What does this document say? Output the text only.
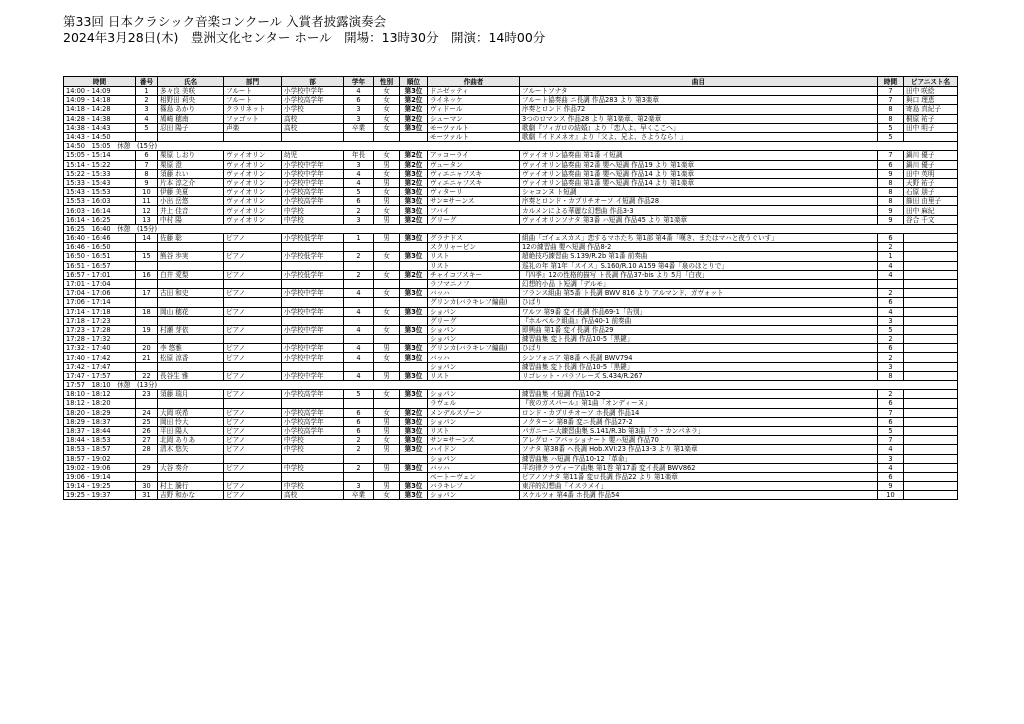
第33回 日本クラシック音楽コンクール 入賞者披露演奏会
2024年3月28日(木)　豊洲文化センター ホール　開場：13時30分　開演：14時00分
時間	番号	氏名	部門	部	学年	性別	順位	作曲者	曲目	時間	ピアニスト名
14:00 - 14:09	1	多々良 美咲	フルート	小学校中学年	4	女	第3位	ドニゼッティ	フルートソナタ	7	田中 咲絵
14:09 - 14:18	2	相野田 莉央	フルート	小学校高学年	6	女	第2位	ライネッケ	フルート協奏曲 ニ長調 作品283 より 第3楽章	7	與口 理恵
14:18 - 14:28	3	篠島 あかり	クラリネット	小学校	3	女	第2位	ヴィドール	序奏とロンド 作品72	8	寄島 真紀子
14:28 - 14:38	4	鳩崎 穂南	ファゴット	高校	3	女	第2位	シューマン	3つのロマンス 作品28 より 第1楽章、第2楽章	8	桐原 祐子
14:38 - 14:43	5	忍田 陽子	声楽	高校	卒業	女	第3位	モーツァルト	歌劇『フィガロの結婚』より「恋人よ、早くここへ」	5	田中 明子
14:43 - 14:50								モーツァルト	歌劇『イドメネオ』より「父よ、兄よ、さようなら！」	5	
14:50　15:05　休憩　(15分)											
15:05 - 15:14	6	栗原 しおり	ヴァイオリン	幼児	年長	女	第2位	アッコーライ	ヴァイオリン協奏曲 第1番 イ短調	7	鍋川 優子
15:14 - 15:22	7	栗原 澄	ヴァイオリン	小学校中学年	3	男	第2位	ヴュータン	ヴァイオリン協奏曲 第2番 嬰ヘ短調 作品19 より 第1楽章	6	鍋川 優子
15:22 - 15:33	8	須藤 れい	ヴァイオリン	小学校中学年	4	女	第3位	ヴィエニャフスキ	ヴァイオリン協奏曲 第1番 嬰ヘ短調 作品14 より 第1楽章	9	田中 英明
15:33 - 15:43	9	片本 淳之介	ヴァイオリン	小学校中学年	4	男	第2位	ヴィエニャフスキ	ヴァイオリン協奏曲 第1番 嬰ヘ短調 作品14 より 第1楽章	8	天野 祐子
15:43 - 15:53	10	伊藤 美夏	ヴァイオリン	小学校高学年	5	女	第3位	ヴィターリ	シャコンヌ ト短調	8	石原 朋子
15:53 - 16:03	11	小出 岳悠	ヴァイオリン	小学校高学年	6	男	第3位	サン=サーンス	序奏とロンド・カプリチオーソ イ短調 作品28	8	篩田 由里子
16:03 - 16:14	12	井上 佳音	ヴァイオリン	中学校	2	女	第3位	フバイ	カルメンによる華麗な幻想曲 作品3-3	9	田中 麻紀
16:14 - 16:25	13	中村 陽	ヴァイオリン	中学校	3	男	第2位	グリーグ	ヴァイオリンソナタ 第3番 ハ短調 作品45 より 第1楽章	9	谷合 千文
16:25　16:40　休憩　(15分)											
16:40 - 16:46	14	佐藤 聡	ピアノ	小学校低学年	1	男	第3位	グラナドス	組曲「ゴイェスカス」恋するマホたち 第1部 第4番「嘆き、またはマハと夜うぐいす」	6	
16:46 - 16:50								スクリャービン	12の練習曲 嬰ヘ短調 作品8-2	2	
16:50 - 16:51	15	熊谷 歩実	ピアノ	小学校低学年	2	女	第3位	リスト	超絶技巧練習曲 S.139/R.2b 第1番 前奏曲	1	
16:51 - 16:57								リスト	巡礼の年 第1年「スイス」S.160/R.10 A159 第4番「泉のほとりで」	4	
16:57 - 17:01	16	白井 愛梨	ピアノ	小学校低学年	2	女	第2位	チャイコフスキー	『四季』12の性格的描写 ト長調 作品37-bis より 5月「白夜」	4	
17:01 - 17:04								ラフマニノフ	幻想的小品 ト短調「デルモ」		
17:04 - 17:06	17	古田 和史	ピアノ	小学校中学年	4	女	第3位	バッハ	フランス組曲 第5番 ト長調 BWV 816 より アルマンド、ガヴォット	2	
17:06 - 17:14								グリンカ(バラキレフ編曲)	ひばり	6	
17:14 - 17:18	18	岡山 穂花	ピアノ	小学校中学年	4	女	第3位	ショパン	ワルツ 第9番 変イ長調 作品69-1「告別」	4	
17:18 - 17:23								グリーグ	『ホルベルク組曲』作品40-1 前奏曲	3	
17:23 - 17:28	19	村瀬 芽依	ピアノ	小学校中学年	4	女	第3位	ショパン	即興曲 第1番 変イ長調 作品29	5	
17:28 - 17:32								ショパン	練習曲集 変ト長調 作品10-5「黒鍵」	2	
17:32 - 17:40	20	李 悠雅	ピアノ	小学校中学年	4	男	第3位	グリンカ(バラキレフ編曲)	ひばり	6	
17:40 - 17:42	21	松原 涼香	ピアノ	小学校中学年	4	女	第3位	バッハ	シンフォニア 第8番 ヘ長調 BWV794	2	
17:42 - 17:47								ショパン	練習曲集 変ト長調 作品10-5「黒鍵」	3	
17:47 - 17:57	22	長谷生 雅	ピアノ	小学校中学年	4	男	第3位	リスト	リゴレット・パラフレーズ S.434/R.267	8	
17:57　18:10　休憩　(13分)											
18:10 - 18:12	23	須藤 瑞月	ピアノ	小学校高学年	5	女	第3位	ショパン	練習曲集 イ短調 作品10-2	2	
18:12 - 18:20								ラヴェル	『夜のガスパール』第1曲「オンディーヌ」	6	
18:20 - 18:29	24	大岡 咲希	ピアノ	小学校高学年	6	女	第2位	メンデルスゾーン	ロンド・カプリチオーソ ホ長調 作品14	7	
18:29 - 18:37	25	岡田 怜大	ピアノ	小学校高学年	6	男	第3位	ショパン	ノクターン 第8番 変ニ長調 作品27-2	6	
18:37 - 18:44	26	平田 陽人	ピアノ	小学校高学年	6	男	第3位	リスト	パガニーニ大練習曲集 S.141/R.3b 第3曲「ラ・カンパネラ」	5	
18:44 - 18:53	27	北岡 ありあ	ピアノ	中学校	2	女	第3位	サン=サーンス	アレグロ・アパッショナート 嬰ハ短調 作品70	7	
18:53 - 18:57	28	清木 悠矢	ピアノ	中学校	2	男	第3位	ハイドン	ソナタ 第38番 ヘ長調 Hob.XVI:23 作品13-3 より 第1楽章	4	
18:57 - 19:02								ショパン	練習曲集 ハ短調 作品10-12「革命」	3	
19:02 - 19:06	29	大谷 奏介	ピアノ	中学校	2	男	第3位	バッハ	平均律クラヴィーア曲集 第1巻 第17番 変イ長調 BWV862	4	
19:06 - 19:14								ベートーヴェン	ピアノソナタ 第11番 変ロ長調 作品22 より 第1楽章	6	
19:14 - 19:25	30	村上 騰行	ピアノ	中学校	3	男	第3位	バラキレフ	東洋的幻想曲「イスラメイ」	9	
19:25 - 19:37	31	吉野 和かな	ピアノ	高校	卒業	女	第3位	ショパン	スケルツォ 第4番 ホ長調 作品54	10	
